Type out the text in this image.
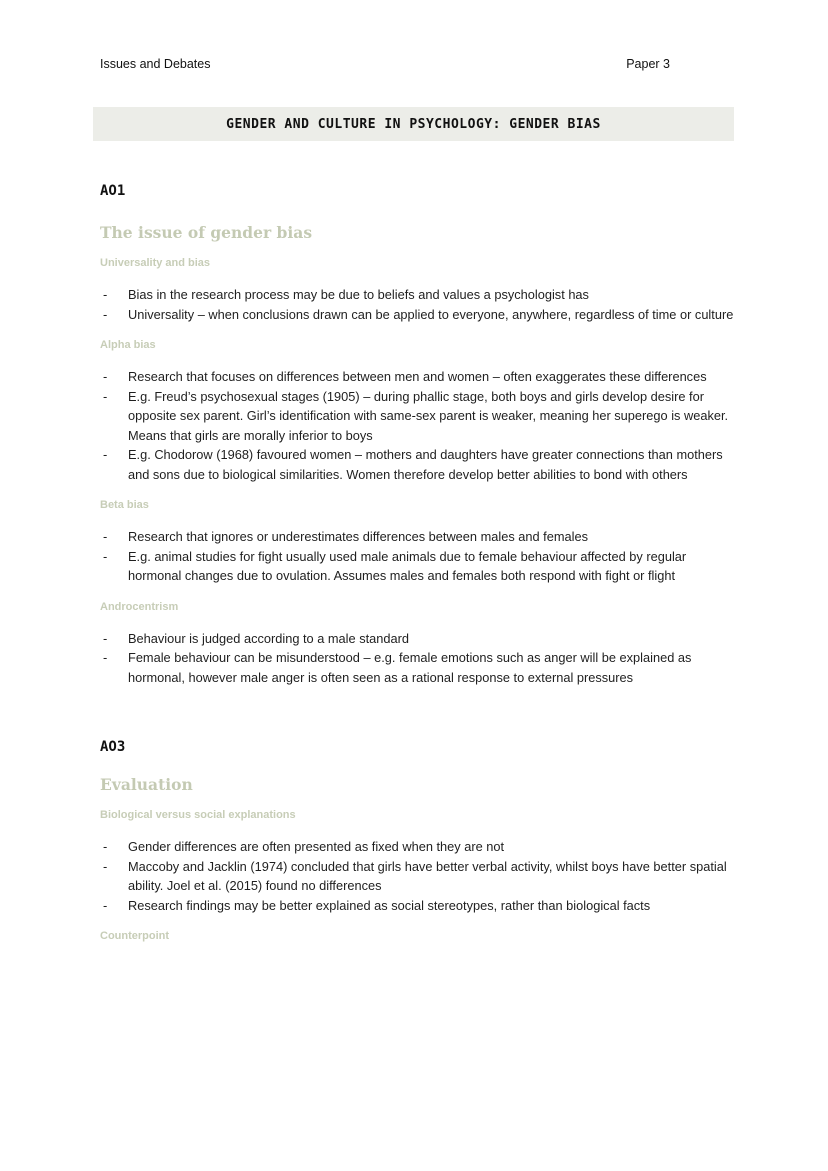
Issues and Debates	Paper 3
GENDER AND CULTURE IN PSYCHOLOGY: GENDER BIAS
AO1
The issue of gender bias
Universality and bias
- Bias in the research process may be due to beliefs and values a psychologist has
- Universality – when conclusions drawn can be applied to everyone, anywhere, regardless of time or culture
Alpha bias
- Research that focuses on differences between men and women – often exaggerates these differences
- E.g. Freud’s psychosexual stages (1905) – during phallic stage, both boys and girls develop desire for opposite sex parent. Girl’s identification with same-sex parent is weaker, meaning her superego is weaker. Means that girls are morally inferior to boys
- E.g. Chodorow (1968) favoured women – mothers and daughters have greater connections than mothers and sons due to biological similarities. Women therefore develop better abilities to bond with others
Beta bias
- Research that ignores or underestimates differences between males and females
- E.g. animal studies for fight usually used male animals due to female behaviour affected by regular hormonal changes due to ovulation. Assumes males and females both respond with fight or flight
Androcentrism
- Behaviour is judged according to a male standard
- Female behaviour can be misunderstood – e.g. female emotions such as anger will be explained as hormonal, however male anger is often seen as a rational response to external pressures
AO3
Evaluation
Biological versus social explanations
- Gender differences are often presented as fixed when they are not
- Maccoby and Jacklin (1974) concluded that girls have better verbal activity, whilst boys have better spatial ability. Joel et al. (2015) found no differences
- Research findings may be better explained as social stereotypes, rather than biological facts
Counterpoint
